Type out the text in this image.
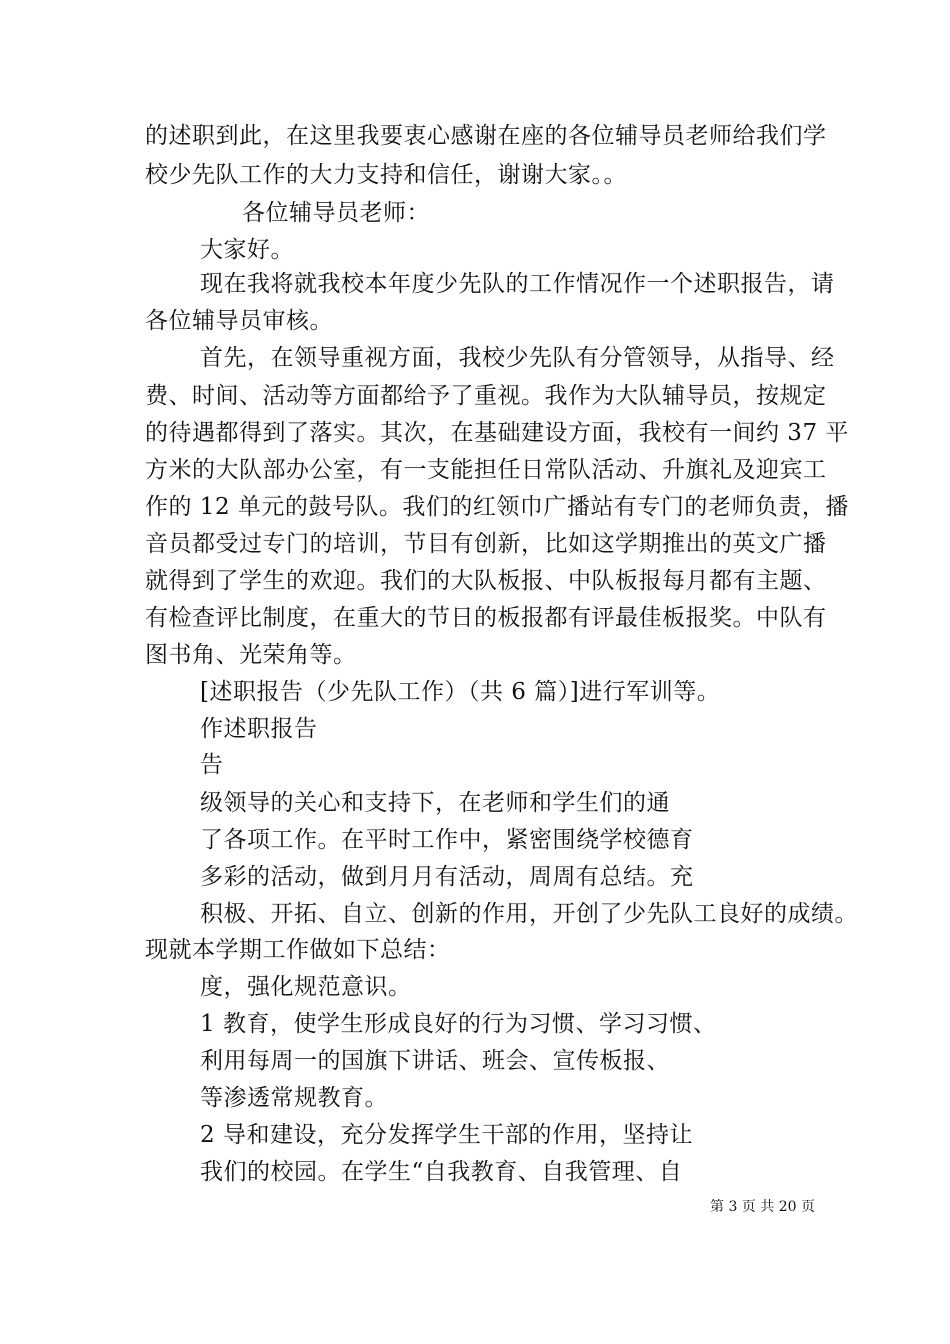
的述职到此，在这里我要衷心感谢在座的各位辅导员老师给我们学
校少先队工作的大力支持和信任，谢谢大家。。
各位辅导员老师：
大家好。
现在我将就我校本年度少先队的工作情况作一个述职报告，请
各位辅导员审核。
首先，在领导重视方面，我校少先队有分管领导，从指导、经
费、时间、活动等方面都给予了重视。我作为大队辅导员，按规定
的待遇都得到了落实。其次，在基础建设方面，我校有一间约 37 平
方米的大队部办公室，有一支能担任日常队活动、升旗礼及迎宾工
作的 12 单元的鼓号队。我们的红领巾广播站有专门的老师负责，播
音员都受过专门的培训，节目有创新，比如这学期推出的英文广播
就得到了学生的欢迎。我们的大队板报、中队板报每月都有主题、
有检查评比制度，在重大的节日的板报都有评最佳板报奖。中队有
图书角、光荣角等。
[述职报告（少先队工作）（共 6 篇）]进行军训等。
作述职报告
告
级领导的关心和支持下，在老师和学生们的通
了各项工作。在平时工作中，紧密围绕学校德育
多彩的活动，做到月月有活动，周周有总结。充
积极、开拓、自立、创新的作用，开创了少先队工良好的成绩。
现就本学期工作做如下总结：
度，强化规范意识。
1 教育，使学生形成良好的行为习惯、学习习惯、
利用每周一的国旗下讲话、班会、宣传板报、
等渗透常规教育。
2 导和建设，充分发挥学生干部的作用，坚持让
我们的校园。在学生“自我教育、自我管理、自
第 3 页 共 20 页
